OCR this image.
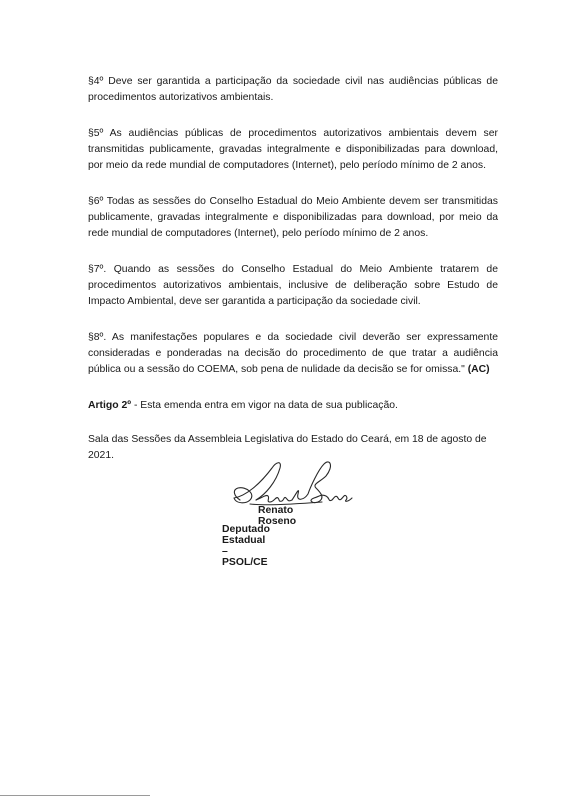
§4º Deve ser garantida a participação da sociedade civil nas audiências públicas de procedimentos autorizativos ambientais.

§5º As audiências públicas de procedimentos autorizativos ambientais devem ser transmitidas publicamente, gravadas integralmente e disponibilizadas para download, por meio da rede mundial de computadores (Internet), pelo período mínimo de 2 anos.

§6º Todas as sessões do Conselho Estadual do Meio Ambiente devem ser transmitidas publicamente, gravadas integralmente e disponibilizadas para download, por meio da rede mundial de computadores (Internet), pelo período mínimo de 2 anos.

§7º. Quando as sessões do Conselho Estadual do Meio Ambiente tratarem de procedimentos autorizativos ambientais, inclusive de deliberação sobre Estudo de Impacto Ambiental, deve ser garantida a participação da sociedade civil.

§8º. As manifestações populares e da sociedade civil deverão ser expressamente consideradas e ponderadas na decisão do procedimento de que tratar a audiência pública ou a sessão do COEMA, sob pena de nulidade da decisão se for omissa." (AC)

Artigo 2º - Esta emenda entra em vigor na data de sua publicação.

Sala das Sessões da Assembleia Legislativa do Estado do Ceará, em 18 de agosto de 2021.

Renato Roseno

Deputado Estadual – PSOL/CE
